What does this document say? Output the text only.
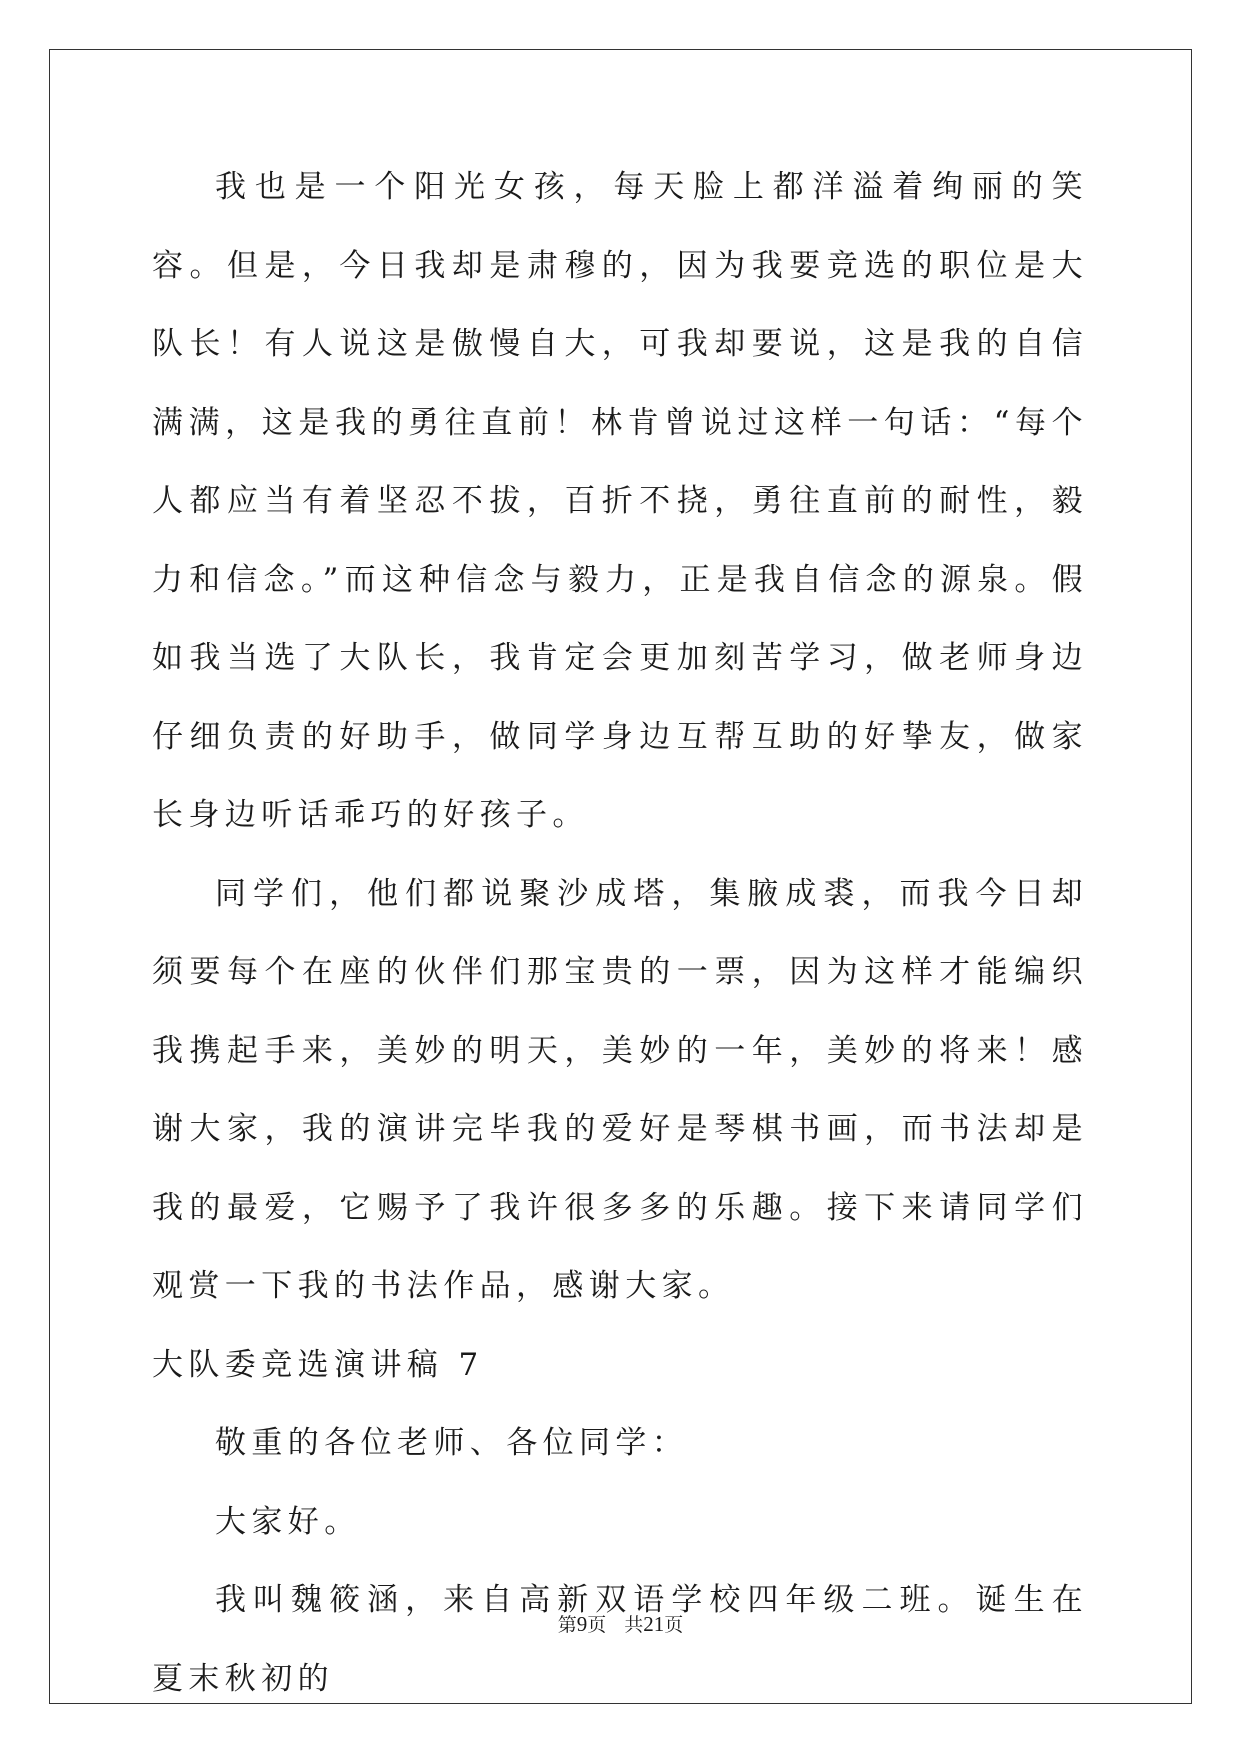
我也是一个阳光女孩，每天脸上都洋溢着绚丽的笑容。但是，今日我却是肃穆的，因为我要竞选的职位是大队长！有人说这是傲慢自大，可我却要说，这是我的自信满满，这是我的勇往直前！林肯曾说过这样一句话：“每个人都应当有着坚忍不拔，百折不挠，勇往直前的耐性，毅力和信念。”而这种信念与毅力，正是我自信念的源泉。假如我当选了大队长，我肯定会更加刻苦学习，做老师身边仔细负责的好助手，做同学身边互帮互助的好挚友，做家长身边听话乖巧的好孩子。

同学们，他们都说聚沙成塔，集腋成裘，而我今日却须要每个在座的伙伴们那宝贵的一票，因为这样才能编织我携起手来，美妙的明天，美妙的一年，美妙的将来！感谢大家，我的演讲完毕我的爱好是琴棋书画，而书法却是我的最爱，它赐予了我许很多多的乐趣。接下来请同学们观赏一下我的书法作品，感谢大家。

大队委竞选演讲稿 7

敬重的各位老师、各位同学：

大家好。

我叫魏筱涵，来自高新双语学校四年级二班。诞生在夏末秋初的

第9页 共21页
